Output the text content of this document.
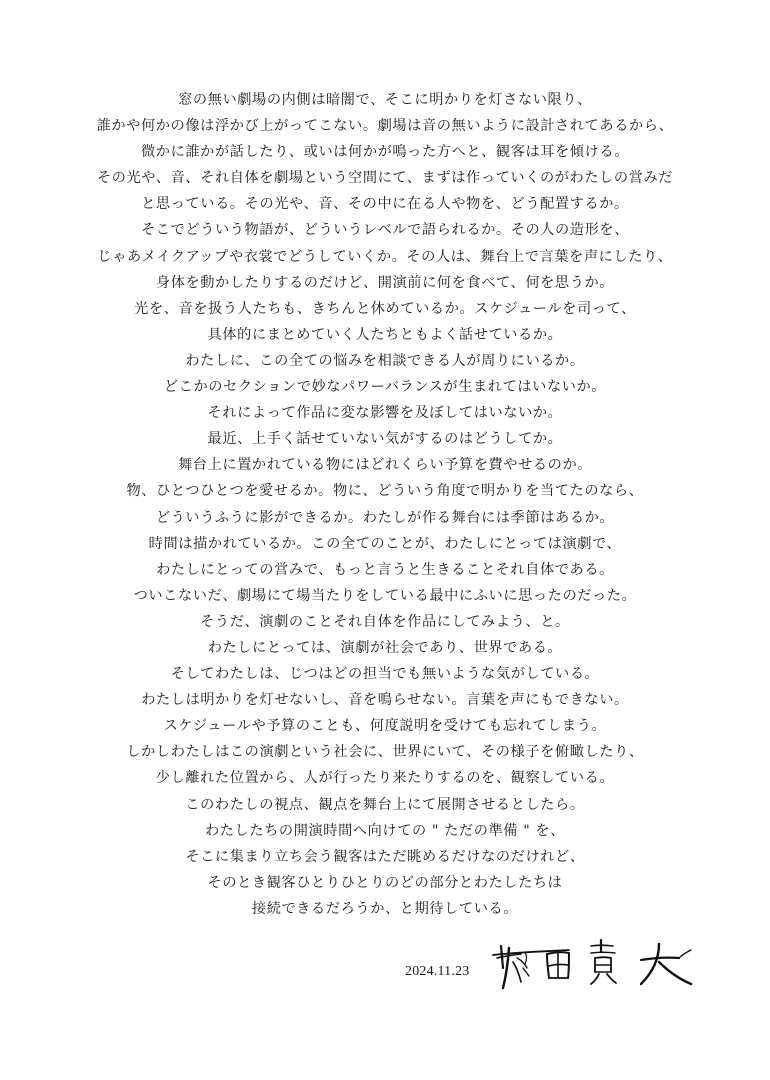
窓の無い劇場の内側は暗闇で、そこに明かりを灯さない限り、
誰かや何かの像は浮かび上がってこない。劇場は音の無いように設計されてあるから、
微かに誰かが話したり、或いは何かが鳴った方へと、観客は耳を傾ける。
その光や、音、それ自体を劇場という空間にて、まずは作っていくのがわたしの営みだ
と思っている。その光や、音、その中に在る人や物を、どう配置するか。
そこでどういう物語が、どういうレベルで語られるか。その人の造形を、
じゃあメイクアップや衣裳でどうしていくか。その人は、舞台上で言葉を声にしたり、
身体を動かしたりするのだけど、開演前に何を食べて、何を思うか。
光を、音を扱う人たちも、きちんと休めているか。スケジュールを司って、
具体的にまとめていく人たちともよく話せているか。
わたしに、この全ての悩みを相談できる人が周りにいるか。
どこかのセクションで妙なパワーバランスが生まれてはいないか。
それによって作品に変な影響を及ぼしてはいないか。
最近、上手く話せていない気がするのはどうしてか。
舞台上に置かれている物にはどれくらい予算を費やせるのか。
物、ひとつひとつを愛せるか。物に、どういう角度で明かりを当てたのなら、
どういうふうに影ができるか。わたしが作る舞台には季節はあるか。
時間は描かれているか。この全てのことが、わたしにとっては演劇で、
わたしにとっての営みで、もっと言うと生きることそれ自体である。
ついこないだ、劇場にて場当たりをしている最中にふいに思ったのだった。
そうだ、演劇のことそれ自体を作品にしてみよう、と。
わたしにとっては、演劇が社会であり、世界である。
そしてわたしは、じつはどの担当でも無いような気がしている。
わたしは明かりを灯せないし、音を鳴らせない。言葉を声にもできない。
スケジュールや予算のことも、何度説明を受けても忘れてしまう。
しかしわたしはこの演劇という社会に、世界にいて、その様子を俯瞰したり、
少し離れた位置から、人が行ったり来たりするのを、観察している。
このわたしの視点、観点を舞台上にて展開させるとしたら。
わたしたちの開演時間へ向けての " ただの準備 " を、
そこに集まり立ち会う観客はただ眺めるだけなのだけれど、
そのとき観客ひとりひとりのどの部分とわたしたちは
接続できるだろうか、と期待している。
2024.11.23
